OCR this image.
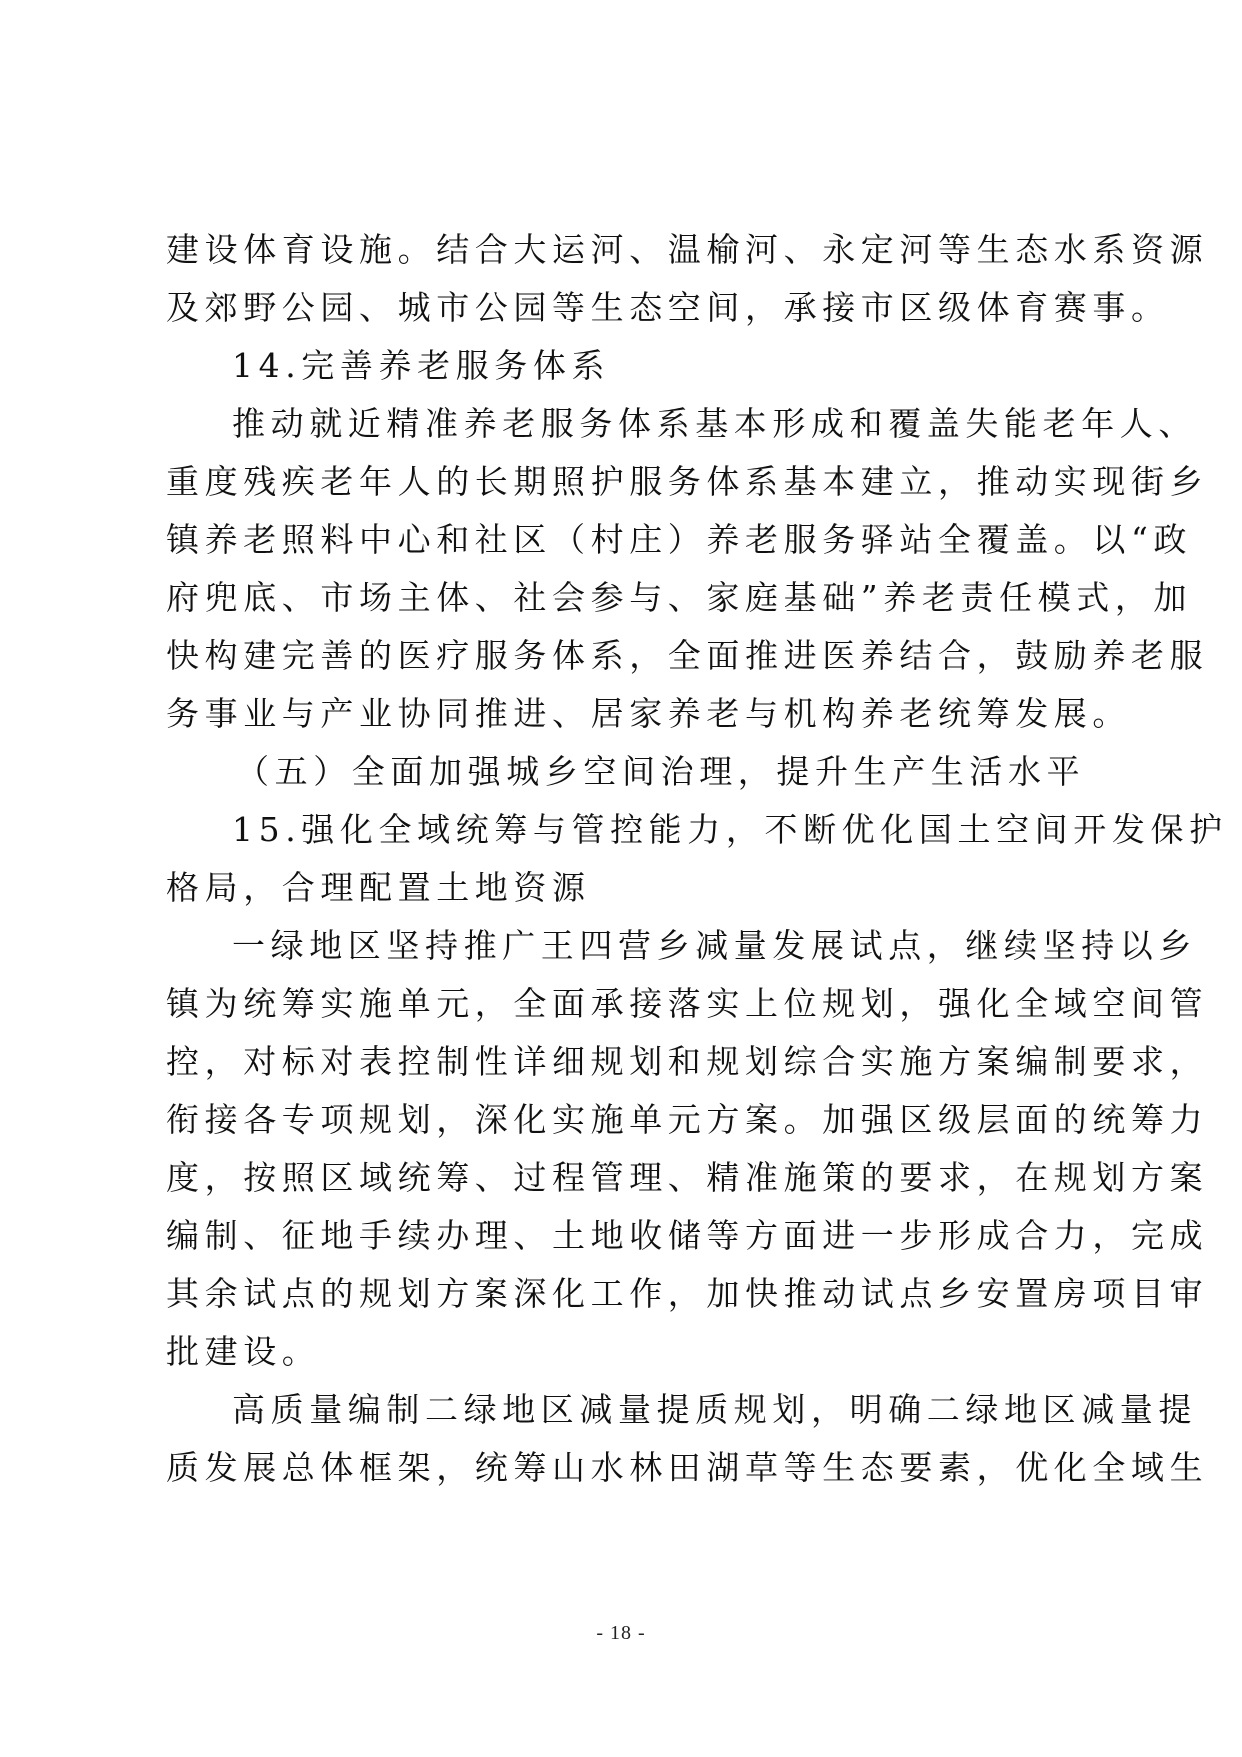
建设体育设施。结合大运河、温榆河、永定河等生态水系资源
及郊野公园、城市公园等生态空间，承接市区级体育赛事。
14.完善养老服务体系
推动就近精准养老服务体系基本形成和覆盖失能老年人、
重度残疾老年人的长期照护服务体系基本建立，推动实现街乡
镇养老照料中心和社区（村庄）养老服务驿站全覆盖。以“政
府兜底、市场主体、社会参与、家庭基础”养老责任模式，加
快构建完善的医疗服务体系，全面推进医养结合，鼓励养老服
务事业与产业协同推进、居家养老与机构养老统筹发展。
（五）全面加强城乡空间治理，提升生产生活水平
15.强化全域统筹与管控能力，不断优化国土空间开发保护
格局，合理配置土地资源
一绿地区坚持推广王四营乡减量发展试点，继续坚持以乡
镇为统筹实施单元，全面承接落实上位规划，强化全域空间管
控，对标对表控制性详细规划和规划综合实施方案编制要求，
衔接各专项规划，深化实施单元方案。加强区级层面的统筹力
度，按照区域统筹、过程管理、精准施策的要求，在规划方案
编制、征地手续办理、土地收储等方面进一步形成合力，完成
其余试点的规划方案深化工作，加快推动试点乡安置房项目审
批建设。
高质量编制二绿地区减量提质规划，明确二绿地区减量提
质发展总体框架，统筹山水林田湖草等生态要素，优化全域生
- 18 -
